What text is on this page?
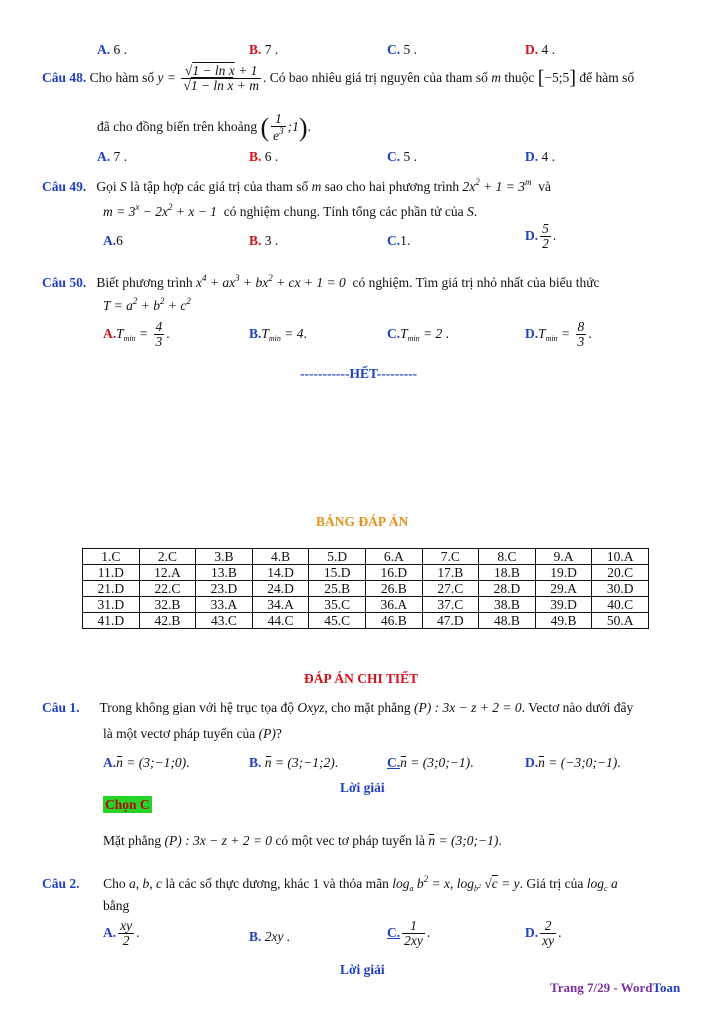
A. 6 .	B. 7 .	C. 5 .	D. 4 .
Câu 48. Cho hàm số $y = \frac{\text{√1 − ln x + 1}}{\text{√1 − ln x + m}}$ . Có bao nhiêu giá trị nguyên của tham số m thuộc [−5;5] để hàm số
đã cho đồng biến trên khoảng ( $\frac{1}{e^3}$ ;1).
A. 7 .	B. 6 .	C. 5 .	D. 4 .
Câu 49. Gọi S là tập hợp các giá trị của tham số m sao cho hai phương trình $2x^2 + 1 = 3^m$ và
$m = 3^x - 2x^2 + x - 1$ có nghiệm chung. Tính tổng các phần tử của S.
A.6	B. 3 .	C.1.	D. $\frac{5}{2}$ .
Câu 50. Biết phương trình $x^4 + ax^3 + bx^2$ + cx + 1 = 0 có nghiệm. Tìm giá trị nhỏ nhất của biểu thức
$T = a^2 + b^2 + c^2$
$A.T_{min} = \frac{4}{3}$ .	$B.T_{min} = 4$.	$C.T_{min} = 2$ .	$D.T_{min} = \frac{8}{3}$ .
-----------HẾT---------
BẢNG ĐÁP ÁN
1.C	2.C	3.B	4.B	5.D	6.A	7.C	8.C	9.A	10.A
11.D	12.A	13.B	14.D	15.D	16.D	17.B	18.B	19.D	20.C
21.D	22.C	23.D	24.D	25.B	26.B	27.C	28.D	29.A	30.D
31.D	32.B	33.A	34.A	35.C	36.A	37.C	38.B	39.D	40.C
41.D	42.B	43.C	44.C	45.C	46.B	47.D	48.B	49.B	50.A
ĐÁP ÁN CHI TIẾT
Câu 1. Trong không gian với hệ trục tọa độ Oxyz, cho mặt phẳng (P) : 3x − z + 2 = 0. Vectơ nào dưới đây
là một vectơ pháp tuyến của (P)?
A.n = (3;−1;0).	B. n = (3;−1;2).	C.n = (3;0;−1).	D.n = (−3;0;−1).
Lời giải
Chọn C
Mặt phẳng (P) : 3x − z + 2 = 0 có một vec tơ pháp tuyến là n = (3;0;−1).
Câu 2. Cho a, b, c là các số thực dương, khác 1 và thỏa mãn $\log_a b^2 = x$, $\log_{b^2} √c = y$. Giá trị của $\log_c a$
bằng
A. $\frac{xy}{2}$ .	B. 2xy .	C. $\frac{1}{2xy}$ .	D. $\frac{2}{xy}$ .
Lời giải
Trang 7/29 - WordToan
